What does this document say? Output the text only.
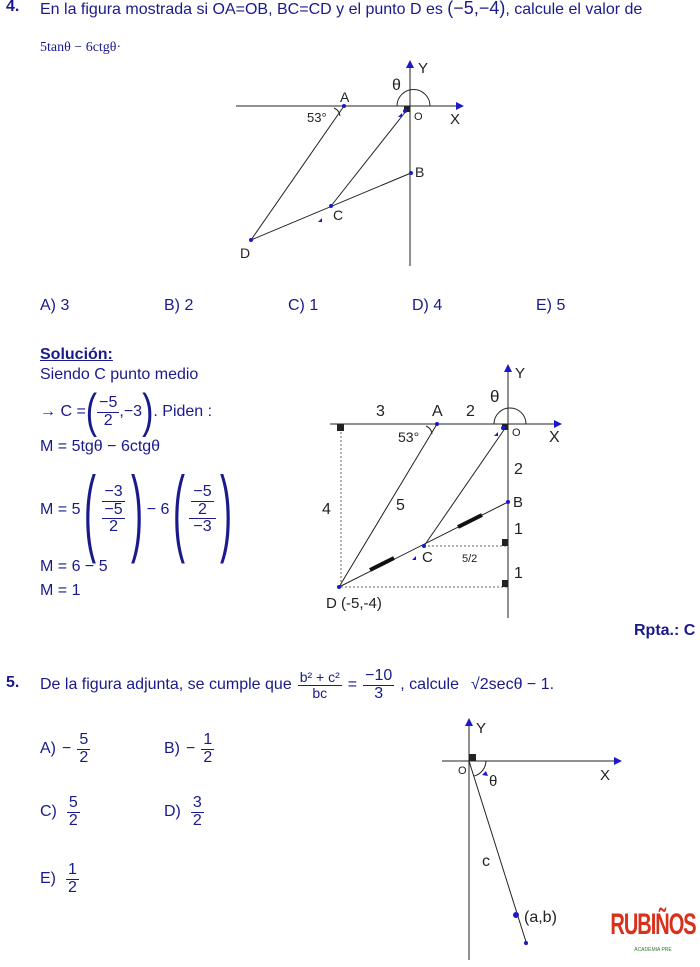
4. En la figura mostrada si OA=OB, BC=CD y el punto D es (−5,−4), calcule el valor de
5tanθ − 6ctgθ·
θ
Y
X
O
A
B
C
D
53°
A) 3	B) 2	C) 1	D) 4	E) 5
Solución:
Siendo C punto medio
→ C = ( $\frac{-5}{2} ,-3$ ) . Piden :
M = 5tgθ − 6ctgθ
M = 5 ( $\frac{-3}{\frac{-5}{2}}$ ) − 6 ( $\frac{\frac{-5}{2}}{-3}$ )
M = 6 − 5
M = 1
3	2
A
θ
Y
X
O
53°
2
4	5	B
1
C	5/2
1
D (-5,-4)
Rpta.: C
5. De la figura adjunta, se cumple que $\frac{\text{b² + c²}}{bc} = \frac{-10}{3}$ , calcule √2secθ − 1.
$A) - \frac{5}{2}$	$B) - \frac{1}{2}$
$C) \frac{5}{2}$	$D) \frac{3}{2}$
$E) \frac{1}{2}$
Y
X
O
θ
c
(a,b)	RUBIÑOS
ACADEMIA PRE
